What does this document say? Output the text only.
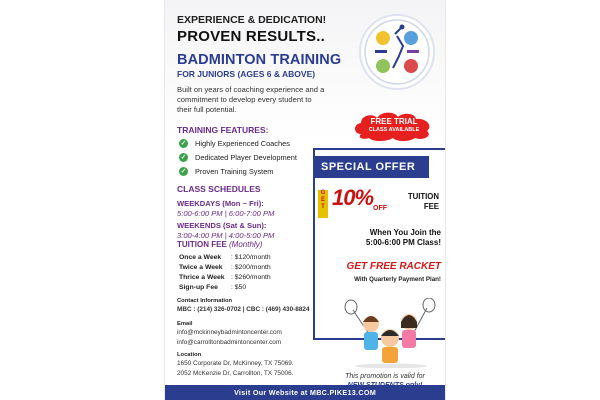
EXPERIENCE & DEDICATION!
PROVEN RESULTS..
BADMINTON TRAINING
FOR JUNIORS (AGES 6 & ABOVE)
Built on years of coaching experience and a commitment to develop every student to their full potential.
TRAINING FEATURES:
✓ Highly Experienced Coaches
✓ Dedicated Player Development
✓ Proven Training System
CLASS SCHEDULES
WEEKDAYS (Mon ~ Fri):
5:00-6:00 PM | 6:00-7:00 PM
WEEKENDS (Sat & Sun):
3:00-4:00 PM | 4:00-5:00 PM
TUITION FEE (Monthly)
Once a Week	: $120/month
Twice a Week	: $200/month
Thrice a Week : $260/month
Sign-up Fee	: $50
Contact Information
MBC : (214) 326-0702 | CBC : (469) 430-8824
Email
info@mckinneybadmintoncenter.com
info@carrolltonbadmintoncenter.com
Location
1650 Corporate Dr, McKinney, TX 75069.
2052 McKenzie Dr, Carrollton, TX 75006.
FREE TRIAL
CLASS AVAILABLE
SPECIAL OFFER
GET 10% OFF
TUITION
FEE
When You Join the
5:00-6:00 PM Class!
GET FREE RACKET
With Quarterly Payment Plan!
This promotion is valid for
Visit Our Website at MBC.PIKE13.COM
